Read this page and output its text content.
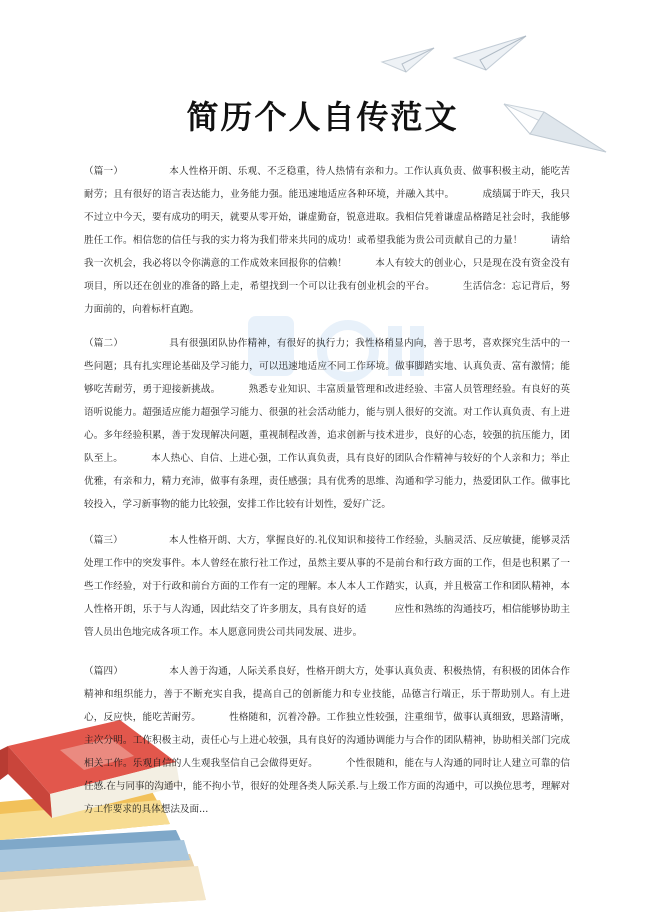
简历个人自传范文

（篇一）	本人性格开朗、乐观、不乏稳重，待人热情有亲和力。工作认真负责、做事积极主动，能吃苦耐劳；且有很好的语言表达能力，业务能力强。能迅速地适应各种环境，并融入其中。	成绩属于昨天，我只不过立中今天，要有成功的明天，就要从零开始，谦虚勤奋，锐意进取。我相信凭着谦虚品格踏足社会时，我能够胜任工作。相信您的信任与我的实力将为我们带来共同的成功！或希望我能为贵公司贡献自己的力量！	请给我一次机会，我必将以令你满意的工作成效来回报你的信赖！	本人有较大的创业心，只是现在没有资金没有项目，所以还在创业的准备的路上走，希望找到一个可以让我有创业机会的平台。	生活信念：忘记背后，努力面前的，向着标杆直跑。

（篇二）	具有很强团队协作精神，有很好的执行力；我性格稍显内向，善于思考，喜欢探究生活中的一些问题；具有扎实理论基础及学习能力，可以迅速地适应不同工作环境。做事脚踏实地、认真负责、富有激情；能够吃苦耐劳，勇于迎接新挑战。	熟悉专业知识、丰富质量管理和改进经验、丰富人员管理经验。有良好的英语听说能力。超强适应能力超强学习能力、很强的社会活动能力，能与别人很好的交流。对工作认真负责、有上进心。多年经验积累，善于发现解决问题，重视制程改善，追求创新与技术进步，良好的心态，较强的抗压能力，团队至上。	本人热心、自信、上进心强，工作认真负责，具有良好的团队合作精神与较好的个人亲和力；举止优雅，有亲和力，精力充沛，做事有条理，责任感强；具有优秀的思维、沟通和学习能力，热爱团队工作。做事比较投入，学习新事物的能力比较强，安排工作比较有计划性，爱好广泛。

（篇三）	本人性格开朗、大方，掌握良好的.礼仪知识和接待工作经验，头脑灵活、反应敏捷，能够灵活处理工作中的突发事件。本人曾经在旅行社工作过，虽然主要从事的不是前台和行政方面的工作，但是也积累了一些工作经验，对于行政和前台方面的工作有一定的理解。本人本人工作踏实，认真，并且极富工作和团队精神，本人性格开朗，乐于与人沟通，因此结交了许多朋友，具有良好的适	应性和熟练的沟通技巧，相信能够协助主管人员出色地完成各项工作。本人愿意同贵公司共同发展、进步。

（篇四）	本人善于沟通，人际关系良好，性格开朗大方，处事认真负责、积极热情，有积极的团体合作精神和组织能力，善于不断充实自我，提高自己的创新能力和专业技能，品德言行端正，乐于帮助别人。有上进心，反应快，能吃苦耐劳。	性格随和，沉着冷静。工作独立性较强，注重细节，做事认真细致，思路清晰，主次分明。工作积极主动，责任心与上进心较强，具有良好的沟通协调能力与合作的团队精神，协助相关部门完成相关工作。乐观自信的人生观我坚信自己会做得更好。	个性很随和，能在与人沟通的同时让人建立可靠的信任感.在与同事的沟通中，能不拘小节，很好的处理各类人际关系.与上级工作方面的沟通中，可以换位思考，理解对方工作要求的具体想法及面...
